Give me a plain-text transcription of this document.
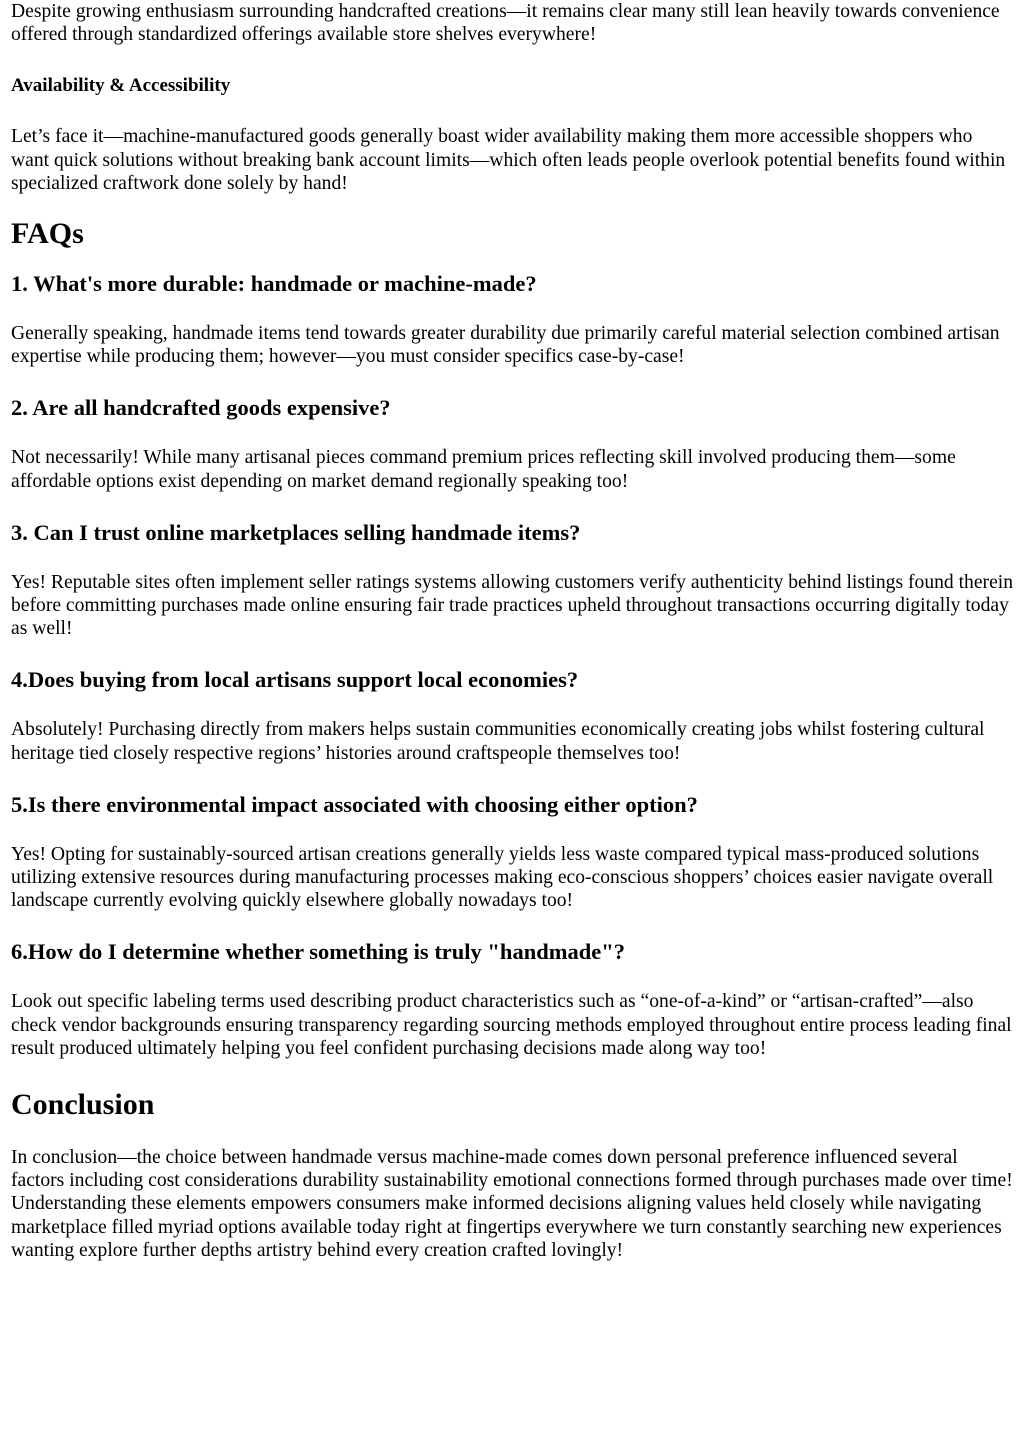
Despite growing enthusiasm surrounding handcrafted creations—it remains clear many still lean heavily towards convenience offered through standardized offerings available store shelves everywhere!

Availability & Accessibility

Let’s face it—machine-manufactured goods generally boast wider availability making them more accessible shoppers who want quick solutions without breaking bank account limits—which often leads people overlook potential benefits found within specialized craftwork done solely by hand!

FAQs
1. What's more durable: handmade or machine-made?

Generally speaking, handmade items tend towards greater durability due primarily careful material selection combined artisan expertise while producing them; however—you must consider specifics case-by-case!

2. Are all handcrafted goods expensive?

Not necessarily! While many artisanal pieces command premium prices reflecting skill involved producing them—some affordable options exist depending on market demand regionally speaking too!

3. Can I trust online marketplaces selling handmade items?

Yes! Reputable sites often implement seller ratings systems allowing customers verify authenticity behind listings found therein before committing purchases made online ensuring fair trade practices upheld throughout transactions occurring digitally today as well!

4.Does buying from local artisans support local economies?

Absolutely! Purchasing directly from makers helps sustain communities economically creating jobs whilst fostering cultural heritage tied closely respective regions’ histories around craftspeople themselves too!

5.Is there environmental impact associated with choosing either option?

Yes! Opting for sustainably-sourced artisan creations generally yields less waste compared typical mass-produced solutions utilizing extensive resources during manufacturing processes making eco-conscious shoppers’ choices easier navigate overall landscape currently evolving quickly elsewhere globally nowadays too!

6.How do I determine whether something is truly "handmade"?

Look out specific labeling terms used describing product characteristics such as “one-of-a-kind” or “artisan-crafted”—also check vendor backgrounds ensuring transparency regarding sourcing methods employed throughout entire process leading final result produced ultimately helping you feel confident purchasing decisions made along way too!

Conclusion

In conclusion—the choice between handmade versus machine-made comes down personal preference influenced several factors including cost considerations durability sustainability emotional connections formed through purchases made over time! Understanding these elements empowers consumers make informed decisions aligning values held closely while navigating marketplace filled myriad options available today right at fingertips everywhere we turn constantly searching new experiences wanting explore further depths artistry behind every creation crafted lovingly!
